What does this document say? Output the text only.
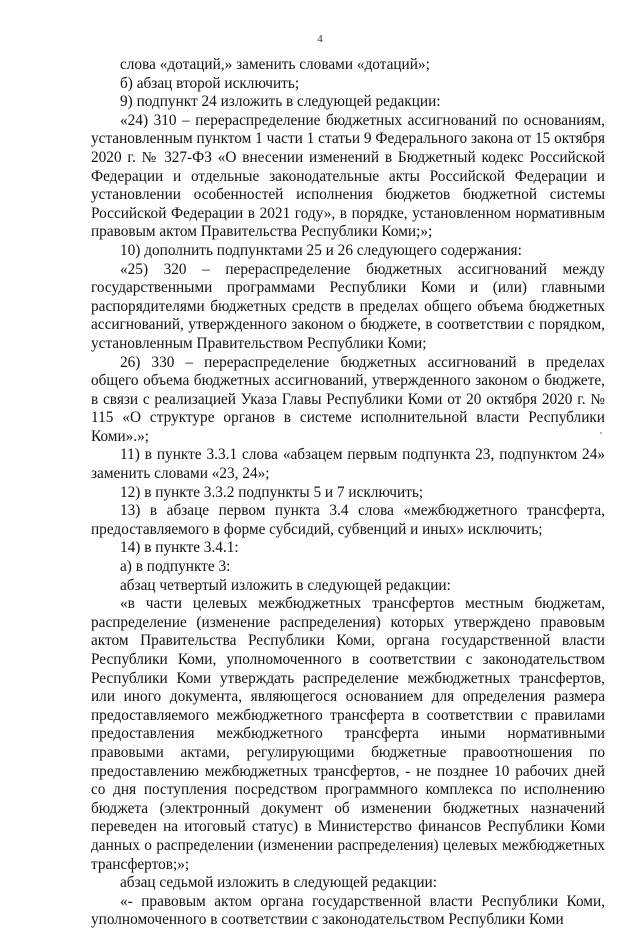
4

слова «дотаций,» заменить словами «дотаций»;

б) абзац второй исключить;

9) подпункт 24 изложить в следующей редакции:

«24) 310 – перераспределение бюджетных ассигнований по основаниям, установленным пунктом 1 части 1 статьи 9 Федерального закона от 15 октября 2020 г. № 327-ФЗ «О внесении изменений в Бюджетный кодекс Российской Федерации и отдельные законодательные акты Российской Федерации и установлении особенностей исполнения бюджетов бюджетной системы Российской Федерации в 2021 году», в порядке, установленном нормативным правовым актом Правительства Республики Коми;»;

10) дополнить подпунктами 25 и 26 следующего содержания:

«25) 320 – перераспределение бюджетных ассигнований между государственными программами Республики Коми и (или) главными распорядителями бюджетных средств в пределах общего объема бюджетных ассигнований, утвержденного законом о бюджете, в соответствии с порядком, установленным Правительством Республики Коми;

26) 330 – перераспределение бюджетных ассигнований в пределах общего объема бюджетных ассигнований, утвержденного законом о бюджете, в связи с реализацией Указа Главы Республики Коми от 20 октября 2020 г. № 115 «О структуре органов в системе исполнительной власти Республики Коми».»;

11) в пункте 3.3.1 слова «абзацем первым подпункта 23, подпунктом 24» заменить словами «23, 24»;

12) в пункте 3.3.2 подпункты 5 и 7 исключить;

13) в абзаце первом пункта 3.4 слова «межбюджетного трансферта, предоставляемого в форме субсидий, субвенций и иных» исключить;

14) в пункте 3.4.1:

а) в подпункте 3:

абзац четвертый изложить в следующей редакции:

«в части целевых межбюджетных трансфертов местным бюджетам, распределение (изменение распределения) которых утверждено правовым актом Правительства Республики Коми, органа государственной власти Республики Коми, уполномоченного в соответствии с законодательством Республики Коми утверждать распределение межбюджетных трансфертов, или иного документа, являющегося основанием для определения размера предоставляемого межбюджетного трансферта в соответствии с правилами предоставления межбюджетного трансферта иными нормативными правовыми актами, регулирующими бюджетные правоотношения по предоставлению межбюджетных трансфертов, - не позднее 10 рабочих дней со дня поступления посредством программного комплекса по исполнению бюджета (электронный документ об изменении бюджетных назначений переведен на итоговый статус) в Министерство финансов Республики Коми данных о распределении (изменении распределения) целевых межбюджетных трансфертов;»;

абзац седьмой изложить в следующей редакции:

«- правовым актом органа государственной власти Республики Коми, уполномоченного в соответствии с законодательством Республики Коми
